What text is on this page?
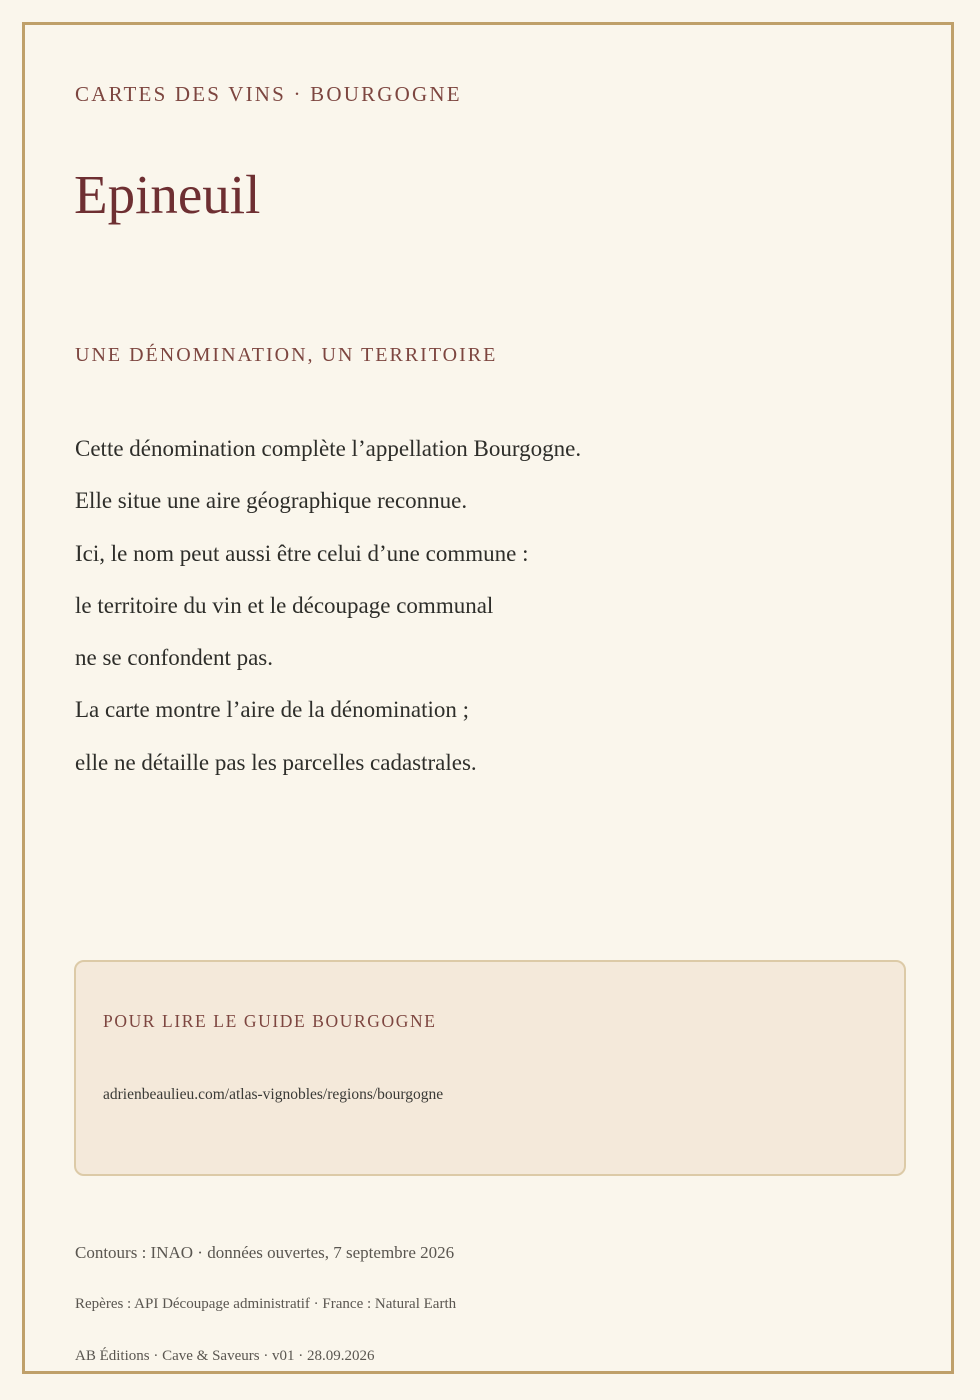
CARTES DES VINS · BOURGOGNE
Epineuil
UNE DÉNOMINATION, UN TERRITOIRE
Cette dénomination complète l’appellation Bourgogne.
Elle situe une aire géographique reconnue.
Ici, le nom peut aussi être celui d’une commune :
le territoire du vin et le découpage communal
ne se confondent pas.
La carte montre l’aire de la dénomination ;
elle ne détaille pas les parcelles cadastrales.
POUR LIRE LE GUIDE BOURGOGNE
adrienbeaulieu.com/atlas-vignobles/regions/bourgogne
Contours : INAO · données ouvertes, 7 septembre 2026
Repères : API Découpage administratif · France : Natural Earth
AB Éditions · Cave & Saveurs · v01 · 28.09.2026
